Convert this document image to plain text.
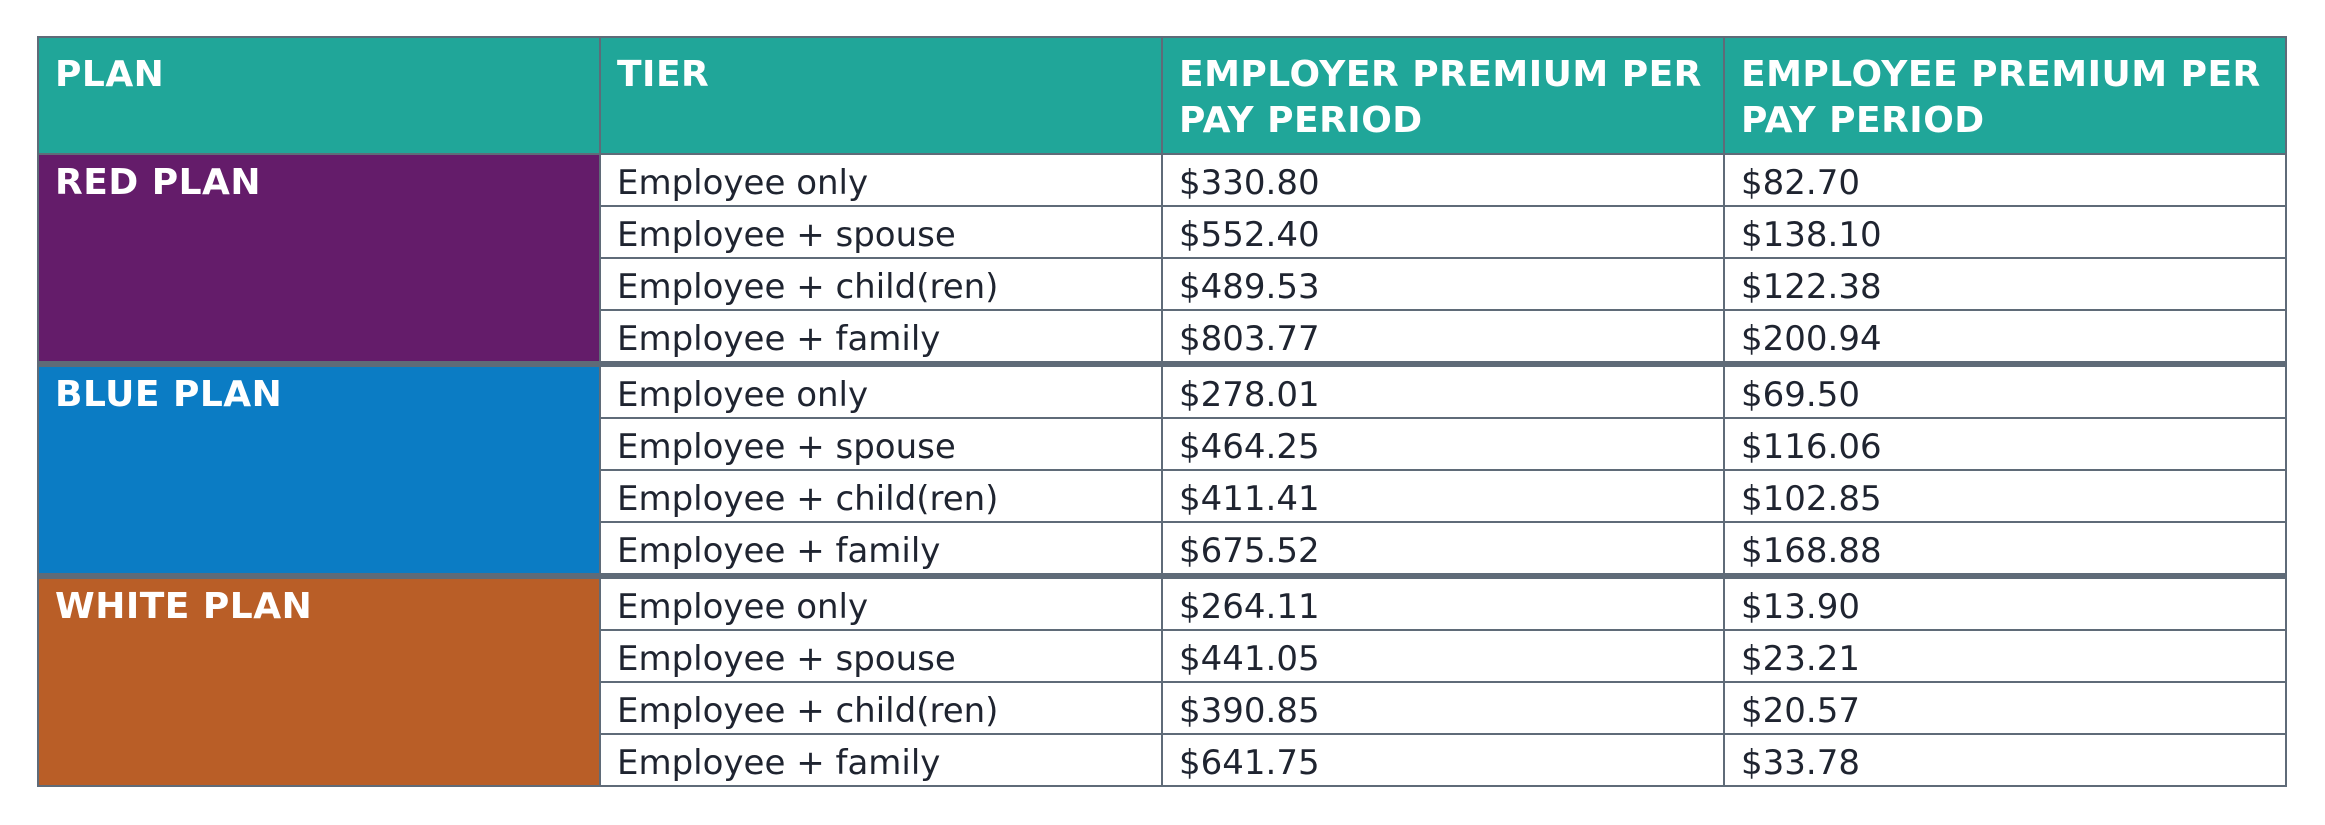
PLAN	TIER	EMPLOYER PREMIUM PER PAY PERIOD	EMPLOYEE PREMIUM PER PAY PERIOD
RED PLAN	Employee only	$330.80	$82.70
	Employee + spouse	$552.40	$138.10
	Employee + child(ren)	$489.53	$122.38
	Employee + family	$803.77	$200.94
BLUE PLAN	Employee only	$278.01	$69.50
	Employee + spouse	$464.25	$116.06
	Employee + child(ren)	$411.41	$102.85
	Employee + family	$675.52	$168.88
WHITE PLAN	Employee only	$264.11	$13.90
	Employee + spouse	$441.05	$23.21
	Employee + child(ren)	$390.85	$20.57
	Employee + family	$641.75	$33.78
